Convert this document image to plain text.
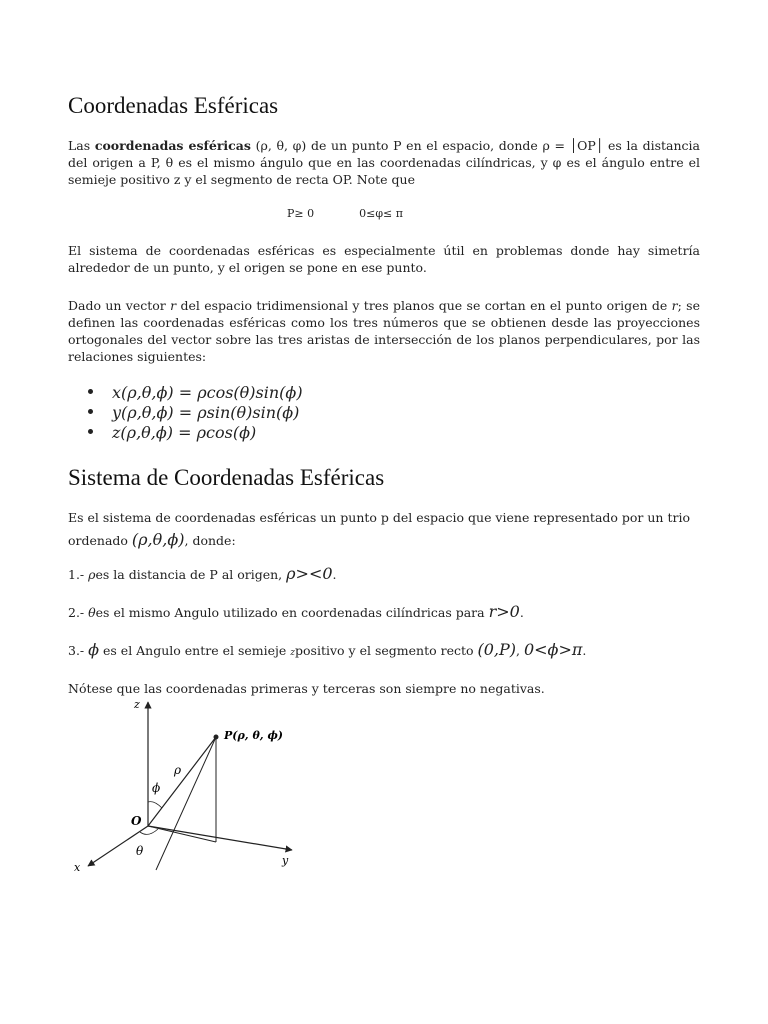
Coordenadas Esféricas

Las coordenadas esféricas (ρ, θ, φ) de un punto P en el espacio, donde ρ = │OP│ es la distancia del origen a P, θ es el mismo ángulo que en las coordenadas cilíndricas, y φ es el ángulo entre el semieje positivo z y el segmento de recta OP. Note que

P≥ 0	0≤φ≤ π

El sistema de coordenadas esféricas es especialmente útil en problemas donde hay simetría alrededor de un punto, y el origen se pone en ese punto.

Dado un vector r del espacio tridimensional y tres planos que se cortan en el punto origen de r; se definen las coordenadas esféricas como los tres números que se obtienen desde las proyecciones ortogonales del vector sobre las tres aristas de intersección de los planos perpendiculares, por las relaciones siguientes:

x(ρ,θ,ϕ) = ρcos(θ)sin(ϕ)
y(ρ,θ,ϕ) = ρsin(θ)sin(ϕ)
z(ρ,θ,ϕ) = ρcos(ϕ)
Sistema de Coordenadas Esféricas

Es el sistema de coordenadas esféricas un punto p del espacio que viene representado por un trio ordenado (ρ,θ,ϕ), donde:

1.- ρes la distancia de P al origen, ρ><0.

2.- θes el mismo Angulo utilizado en coordenadas cilíndricas para r>0.

3.- ϕ es el Angulo entre el semieje zpositivo y el segmento recto (0,P), 0<ϕ>π.

Nótese que las coordenadas primeras y terceras son siempre no negativas.

z
x
y
O
P(ρ, θ, ϕ)
ρ
ϕ
θ
